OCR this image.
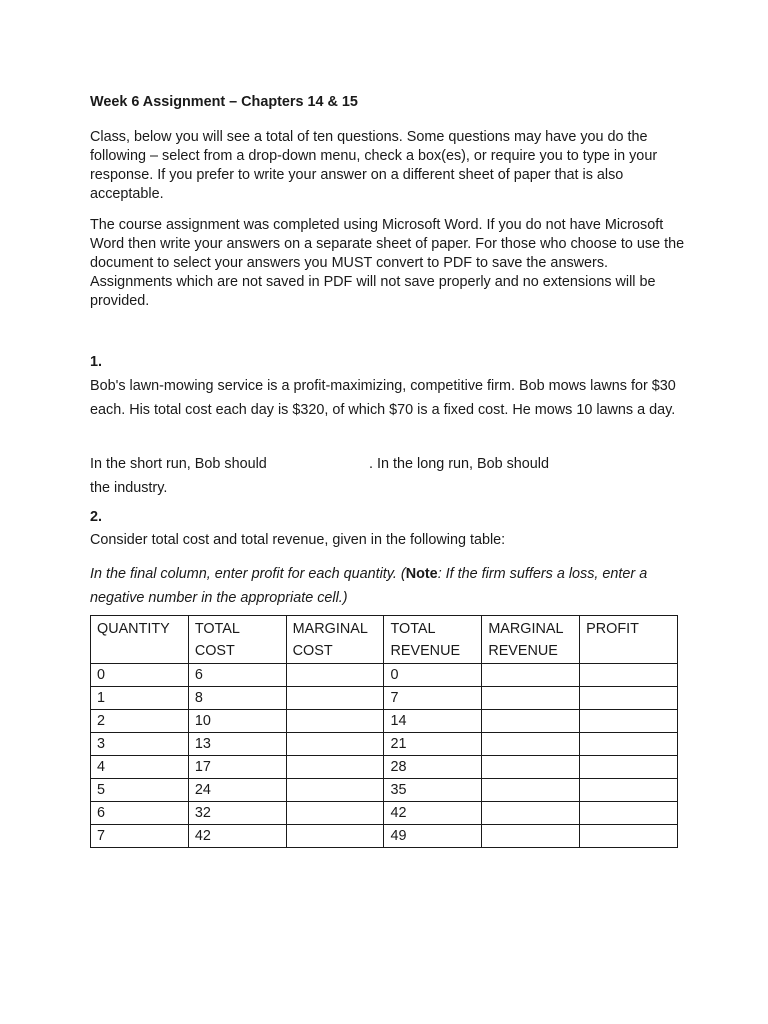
Week 6 Assignment – Chapters 14 & 15

Class, below you will see a total of ten questions. Some questions may have you do the following – select from a drop-down menu, check a box(es), or require you to type in your response. If you prefer to write your answer on a different sheet of paper that is also acceptable.

The course assignment was completed using Microsoft Word. If you do not have Microsoft Word then write your answers on a separate sheet of paper. For those who choose to use the document to select your answers you MUST convert to PDF to save the answers. Assignments which are not saved in PDF will not save properly and no extensions will be provided.

1.

Bob's lawn-mowing service is a profit-maximizing, competitive firm. Bob mows lawns for $30 each. His total cost each day is $320, of which $70 is a fixed cost. He mows 10 lawns a day.

In the short run, Bob should	. In the long run, Bob should
the industry.
2.
Consider total cost and total revenue, given in the following table:

In the final column, enter profit for each quantity. (Note: If the firm suffers a loss, enter a negative number in the appropriate cell.)

QUANTITY	TOTAL COST	MARGINAL COST	TOTAL REVENUE	MARGINAL REVENUE	PROFIT
0	6		0		
1	8		7		
2	10		14		
3	13		21		
4	17		28		
5	24		35		
6	32		42		
7	42		49		
